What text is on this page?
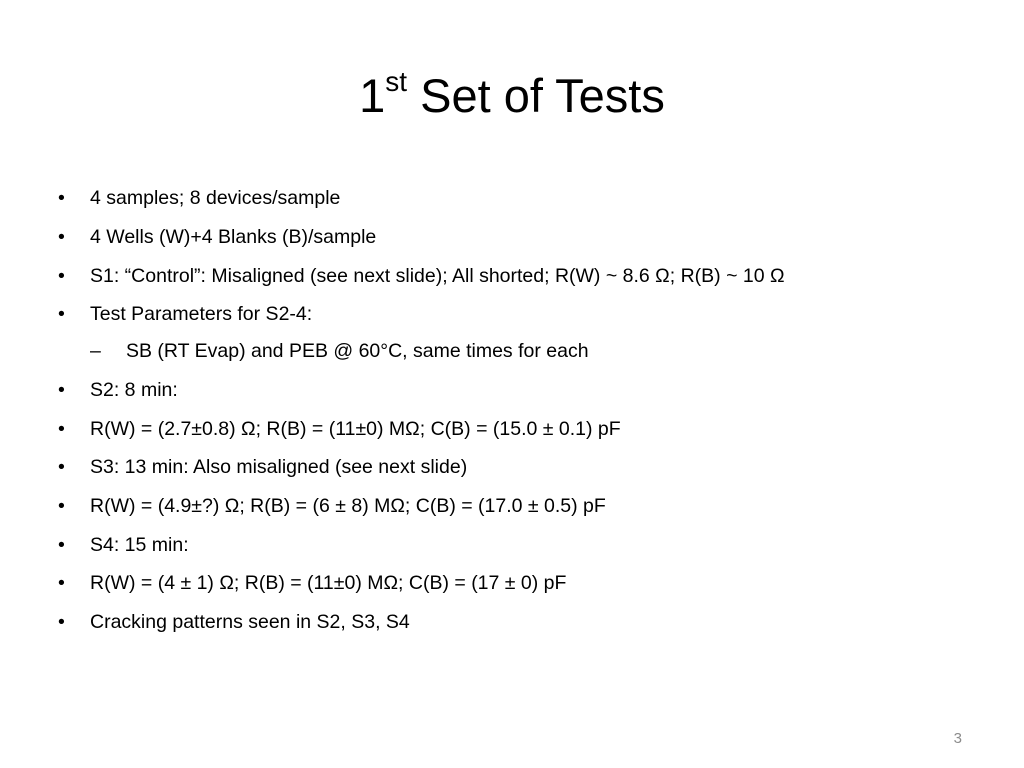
1st Set of Tests
•	4 samples; 8 devices/sample
•	4 Wells (W)+4 Blanks (B)/sample
•	S1: “Control”: Misaligned (see next slide); All shorted; R(W) ~ 8.6 Ω; R(B) ~ 10 Ω
•	Test Parameters for S2-4:
– SB (RT Evap) and PEB @ 60°C, same times for each
•	S2: 8 min:
•	R(W) = (2.7±0.8) Ω; R(B) = (11±0) MΩ; C(B) = (15.0 ± 0.1) pF
•	S3: 13 min: Also misaligned (see next slide)
•	R(W) = (4.9±?) Ω; R(B) = (6 ± 8) MΩ; C(B) = (17.0 ± 0.5) pF
•	S4: 15 min:
•	R(W) = (4 ± 1) Ω; R(B) = (11±0) MΩ; C(B) = (17 ± 0) pF
•	Cracking patterns seen in S2, S3, S4
3
